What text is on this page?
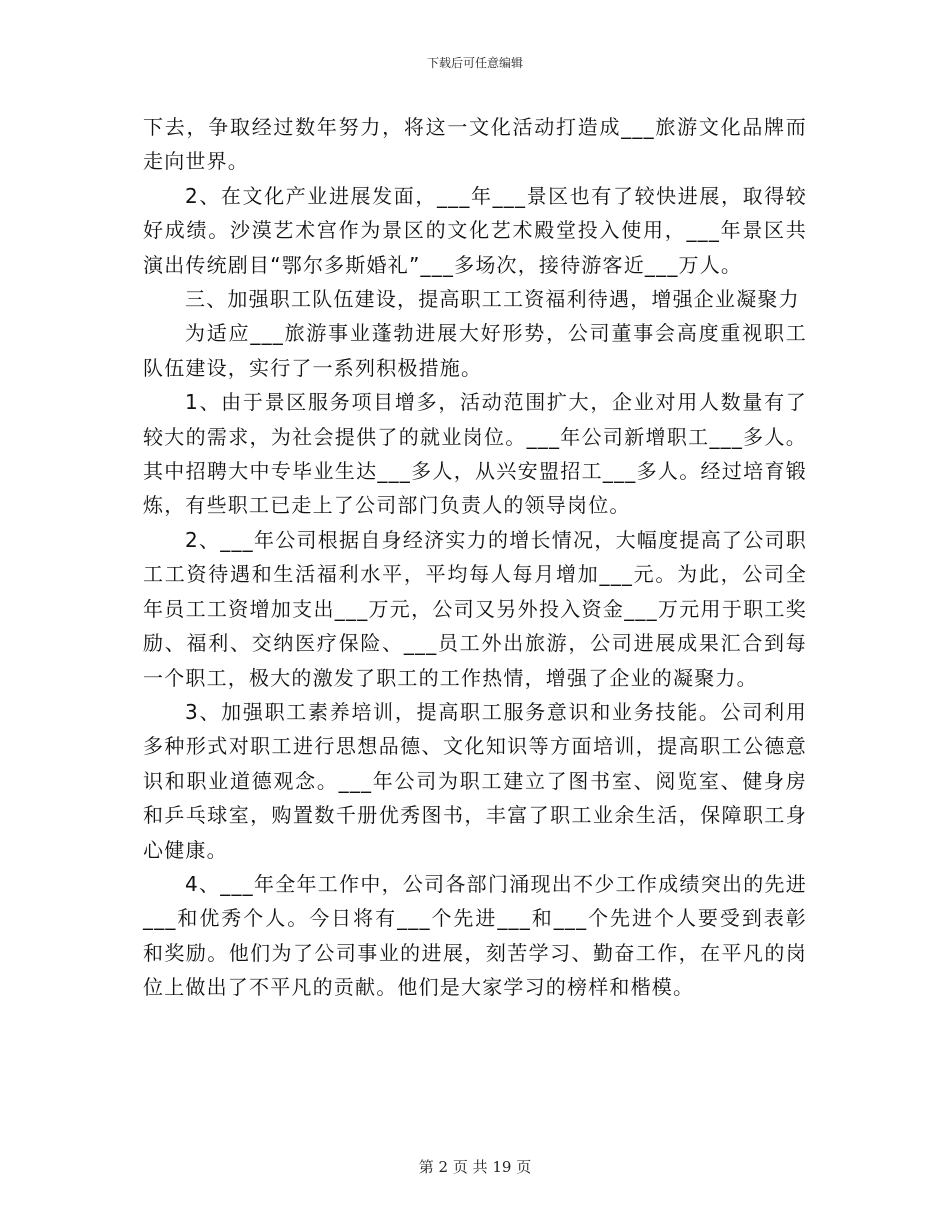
下载后可任意编辑

下去，争取经过数年努力，将这一文化活动打造成___旅游文化品牌而走向世界。

2、在文化产业进展发面，___年___景区也有了较快进展，取得较好成绩。沙漠艺术宫作为景区的文化艺术殿堂投入使用，___年景区共演出传统剧目“鄂尔多斯婚礼”___多场次，接待游客近___万人。

三、加强职工队伍建设，提高职工工资福利待遇，增强企业凝聚力

为适应___旅游事业蓬勃进展大好形势，公司董事会高度重视职工队伍建设，实行了一系列积极措施。

1、由于景区服务项目增多，活动范围扩大，企业对用人数量有了较大的需求，为社会提供了的就业岗位。___年公司新增职工___多人。其中招聘大中专毕业生达___多人，从兴安盟招工___多人。经过培育锻炼，有些职工已走上了公司部门负责人的领导岗位。

2、___年公司根据自身经济实力的增长情况，大幅度提高了公司职工工资待遇和生活福利水平，平均每人每月增加___元。为此，公司全年员工工资增加支出___万元，公司又另外投入资金___万元用于职工奖励、福利、交纳医疗保险、___员工外出旅游，公司进展成果汇合到每一个职工，极大的激发了职工的工作热情，增强了企业的凝聚力。

3、加强职工素养培训，提高职工服务意识和业务技能。公司利用多种形式对职工进行思想品德、文化知识等方面培训，提高职工公德意识和职业道德观念。___年公司为职工建立了图书室、阅览室、健身房和乒乓球室，购置数千册优秀图书，丰富了职工业余生活，保障职工身心健康。

4、___年全年工作中，公司各部门涌现出不少工作成绩突出的先进___和优秀个人。今日将有___个先进___和___个先进个人要受到表彰和奖励。他们为了公司事业的进展，刻苦学习、勤奋工作，在平凡的岗位上做出了不平凡的贡献。他们是大家学习的榜样和楷模。

第 2 页 共 19 页
